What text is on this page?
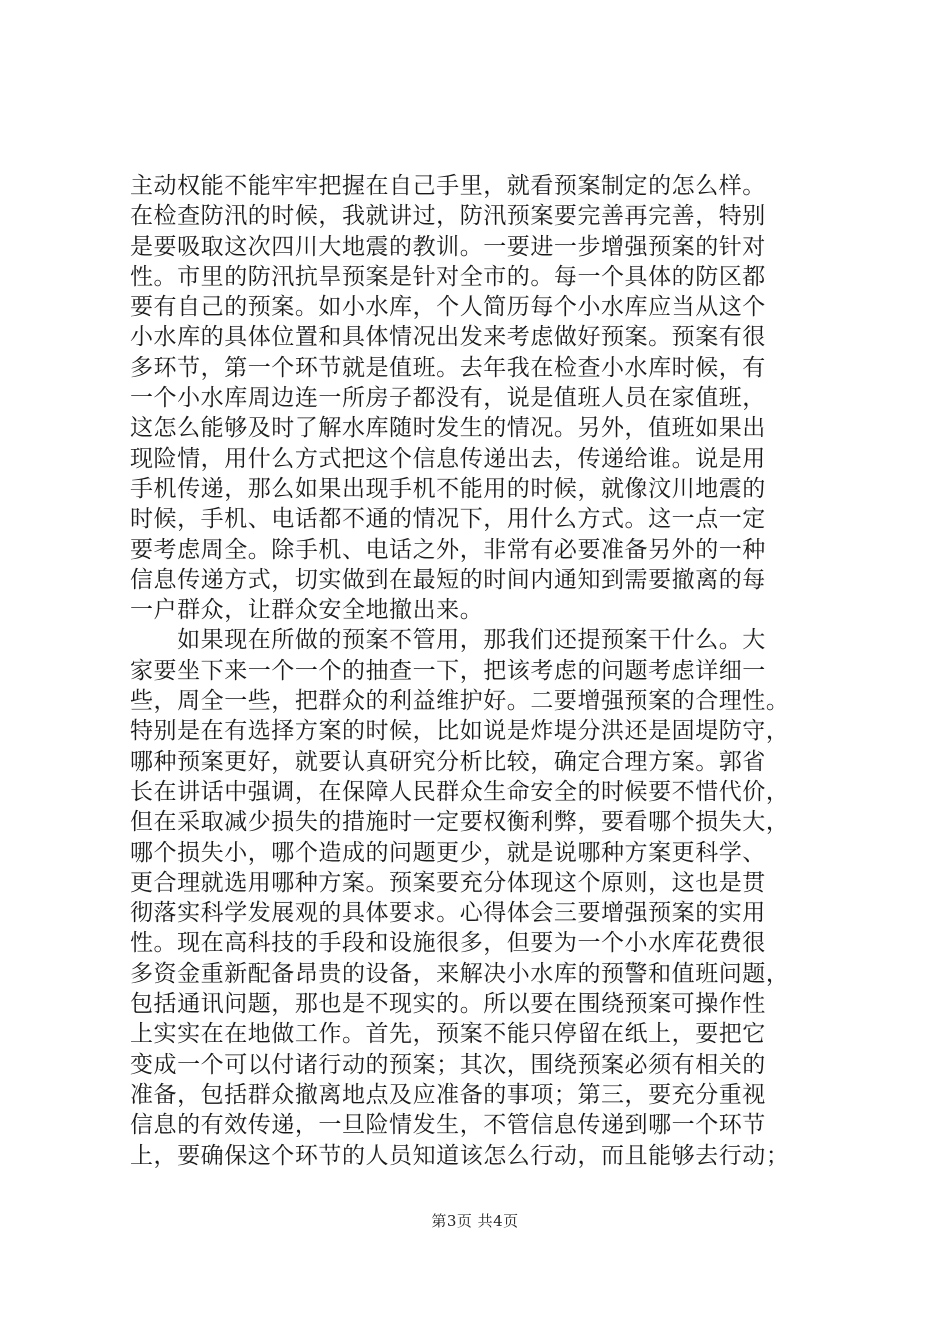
主动权能不能牢牢把握在自己手里，就看预案制定的怎么样。
在检查防汛的时候，我就讲过，防汛预案要完善再完善，特别
是要吸取这次四川大地震的教训。一要进一步增强预案的针对
性。市里的防汛抗旱预案是针对全市的。每一个具体的防区都
要有自己的预案。如小水库，个人简历每个小水库应当从这个
小水库的具体位置和具体情况出发来考虑做好预案。预案有很
多环节，第一个环节就是值班。去年我在检查小水库时候，有
一个小水库周边连一所房子都没有，说是值班人员在家值班，
这怎么能够及时了解水库随时发生的情况。另外，值班如果出
现险情，用什么方式把这个信息传递出去，传递给谁。说是用
手机传递，那么如果出现手机不能用的时候，就像汶川地震的
时候，手机、电话都不通的情况下，用什么方式。这一点一定
要考虑周全。除手机、电话之外，非常有必要准备另外的一种
信息传递方式，切实做到在最短的时间内通知到需要撤离的每
一户群众，让群众安全地撤出来。
　　如果现在所做的预案不管用，那我们还提预案干什么。大
家要坐下来一个一个的抽查一下，把该考虑的问题考虑详细一
些，周全一些，把群众的利益维护好。二要增强预案的合理性。
特别是在有选择方案的时候，比如说是炸堤分洪还是固堤防守，
哪种预案更好，就要认真研究分析比较，确定合理方案。郭省
长在讲话中强调，在保障人民群众生命安全的时候要不惜代价，
但在采取减少损失的措施时一定要权衡利弊，要看哪个损失大，
哪个损失小，哪个造成的问题更少，就是说哪种方案更科学、
更合理就选用哪种方案。预案要充分体现这个原则，这也是贯
彻落实科学发展观的具体要求。心得体会三要增强预案的实用
性。现在高科技的手段和设施很多，但要为一个小水库花费很
多资金重新配备昂贵的设备，来解决小水库的预警和值班问题，
包括通讯问题，那也是不现实的。所以要在围绕预案可操作性
上实实在在地做工作。首先，预案不能只停留在纸上，要把它
变成一个可以付诸行动的预案；其次，围绕预案必须有相关的
准备，包括群众撤离地点及应准备的事项；第三，要充分重视
信息的有效传递，一旦险情发生，不管信息传递到哪一个环节
上，要确保这个环节的人员知道该怎么行动，而且能够去行动；
第3页 共4页
